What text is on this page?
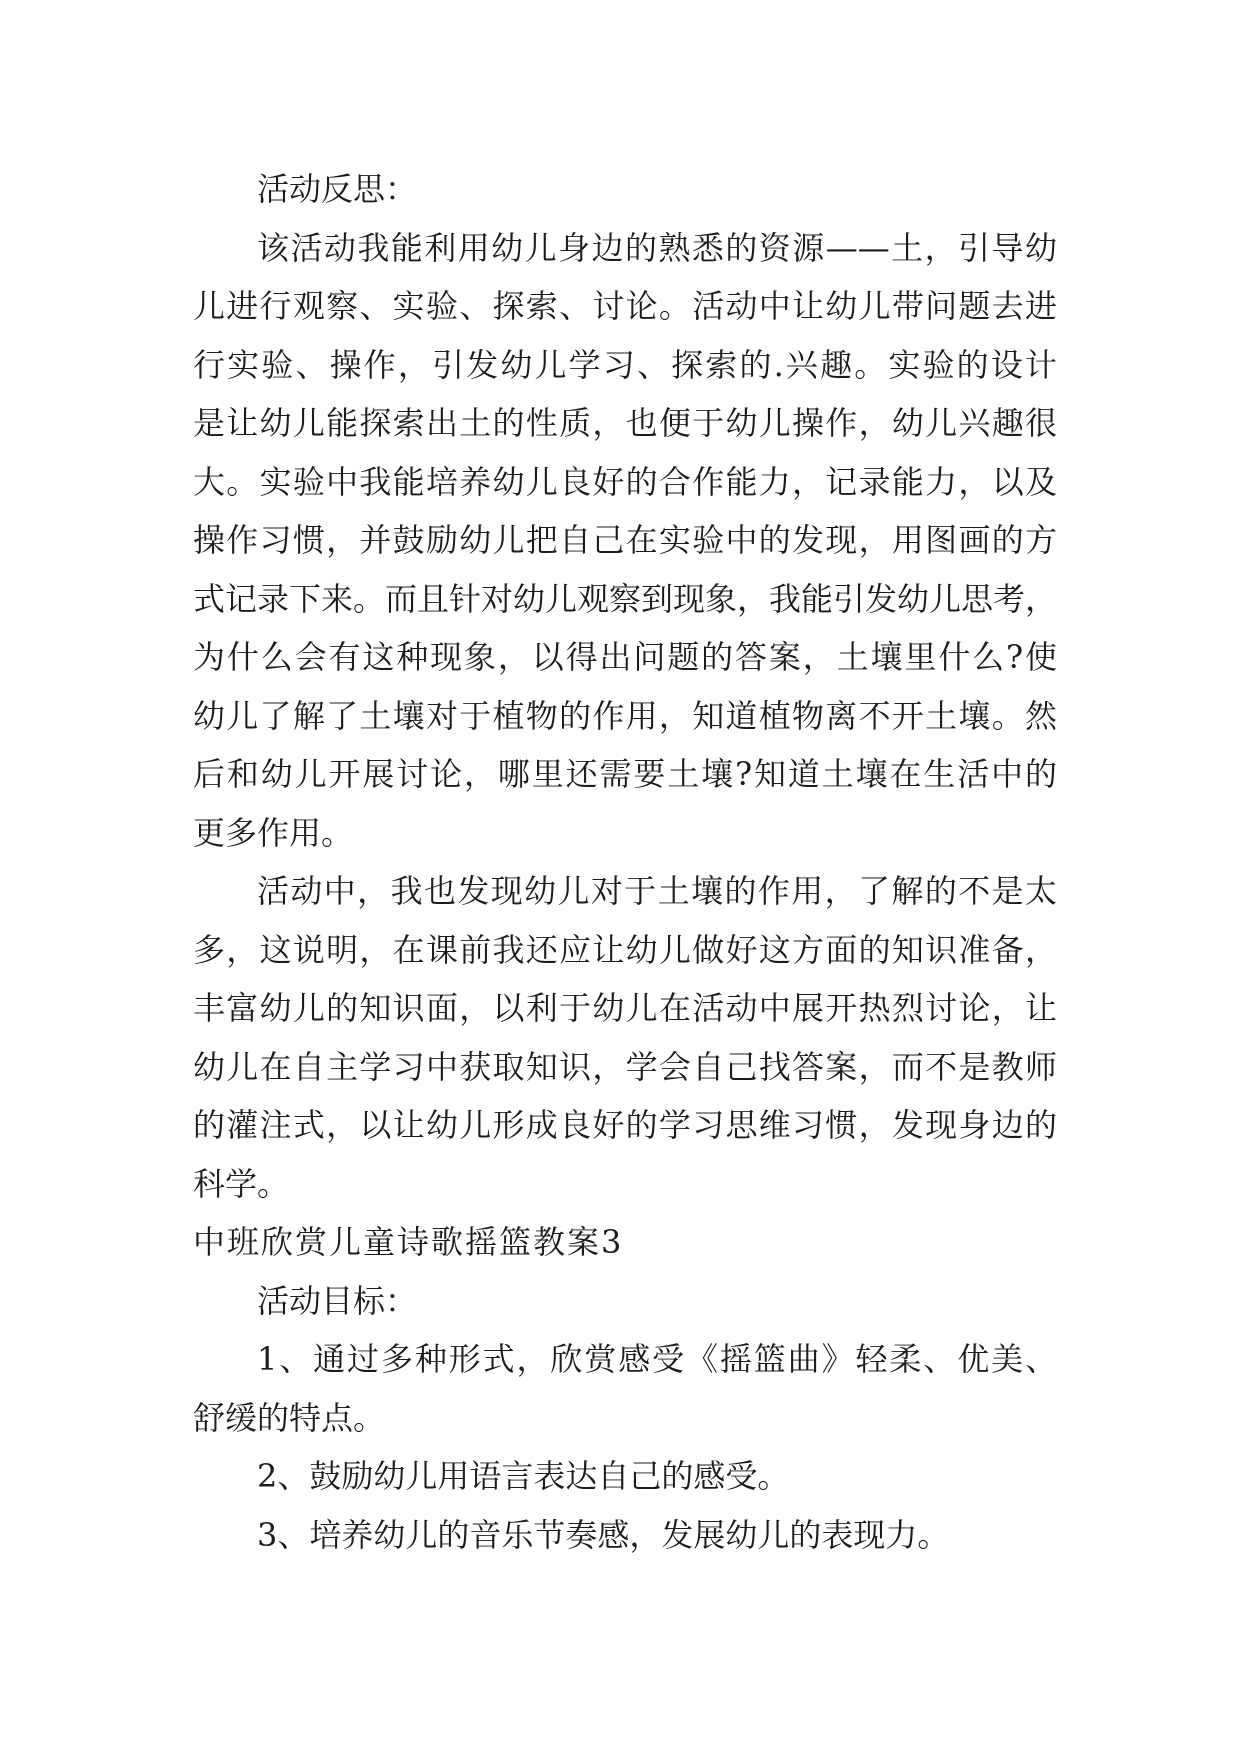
活动反思：
该活动我能利用幼儿身边的熟悉的资源——土，引导幼
儿进行观察、实验、探索、讨论。活动中让幼儿带问题去进
行实验、操作，引发幼儿学习、探索的.兴趣。实验的设计
是让幼儿能探索出土的性质，也便于幼儿操作，幼儿兴趣很
大。实验中我能培养幼儿良好的合作能力，记录能力，以及
操作习惯，并鼓励幼儿把自己在实验中的发现，用图画的方
式记录下来。而且针对幼儿观察到现象，我能引发幼儿思考，
为什么会有这种现象，以得出问题的答案，土壤里什么?使
幼儿了解了土壤对于植物的作用，知道植物离不开土壤。然
后和幼儿开展讨论，哪里还需要土壤?知道土壤在生活中的
更多作用。
活动中，我也发现幼儿对于土壤的作用，了解的不是太
多，这说明，在课前我还应让幼儿做好这方面的知识准备，
丰富幼儿的知识面，以利于幼儿在活动中展开热烈讨论，让
幼儿在自主学习中获取知识，学会自己找答案，而不是教师
的灌注式，以让幼儿形成良好的学习思维习惯，发现身边的
科学。
中班欣赏儿童诗歌摇篮教案3
活动目标：
1、通过多种形式，欣赏感受《摇篮曲》轻柔、优美、
舒缓的特点。
2、鼓励幼儿用语言表达自己的感受。
3、培养幼儿的音乐节奏感，发展幼儿的表现力。
